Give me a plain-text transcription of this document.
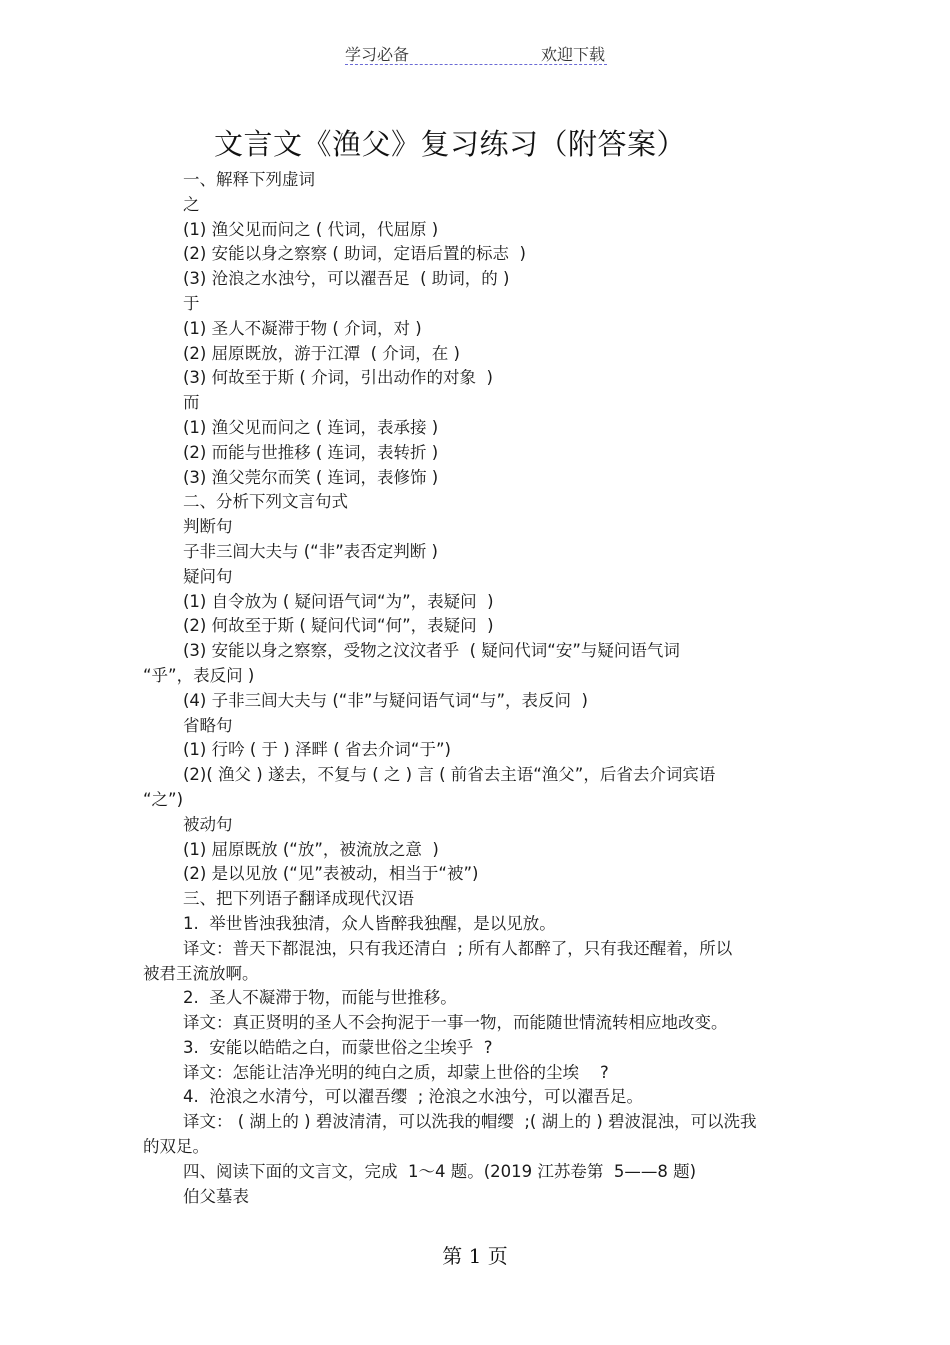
学习必备	欢迎下载
文言文《渔父》复习练习（附答案）
一、解释下列虚词
之
(1) 渔父见而问之 ( 代词，代屈原 )
(2) 安能以身之察察 ( 助词，定语后置的标志  )
(3) 沧浪之水浊兮，可以濯吾足  ( 助词，的 )
于
(1) 圣人不凝滞于物 ( 介词，对 )
(2) 屈原既放，游于江潭  ( 介词，在 )
(3) 何故至于斯 ( 介词，引出动作的对象  )
而
(1) 渔父见而问之 ( 连词，表承接 )
(2) 而能与世推移 ( 连词，表转折 )
(3) 渔父莞尔而笑 ( 连词，表修饰 )
二、分析下列文言句式
判断句
子非三闾大夫与 (“非”表否定判断 )
疑问句
(1) 自令放为 ( 疑问语气词“为”，表疑问  )
(2) 何故至于斯 ( 疑问代词“何”，表疑问  )
(3) 安能以身之察察，受物之汶汶者乎  ( 疑问代词“安”与疑问语气词
“乎”，表反问 )
(4) 子非三闾大夫与 (“非”与疑问语气词“与”，表反问  )
省略句
(1) 行吟 ( 于 ) 泽畔 ( 省去介词“于”)
(2)( 渔父 ) 遂去，不复与 ( 之 ) 言 ( 前省去主语“渔父”，后省去介词宾语
“之”)
被动句
(1) 屈原既放 (“放”，被流放之意  )
(2) 是以见放 (“见”表被动，相当于“被”)
三、把下列语子翻译成现代汉语
1.  举世皆浊我独清，众人皆醉我独醒，是以见放。
译文：普天下都混浊，只有我还清白  ; 所有人都醉了，只有我还醒着，所以
被君王流放啊。
2.  圣人不凝滞于物，而能与世推移。
译文：真正贤明的圣人不会拘泥于一事一物，而能随世情流转相应地改变。
3.  安能以皓皓之白，而蒙世俗之尘埃乎  ?
译文：怎能让洁净光明的纯白之质，却蒙上世俗的尘埃    ?
4.  沧浪之水清兮，可以濯吾缨  ; 沧浪之水浊兮，可以濯吾足。
译文： ( 湖上的 ) 碧波清清，可以洗我的帽缨  ;( 湖上的 ) 碧波混浊，可以洗我
的双足。
四、阅读下面的文言文，完成  1～4 题。(2019 江苏卷第  5——8 题)
伯父墓表
第 1 页
